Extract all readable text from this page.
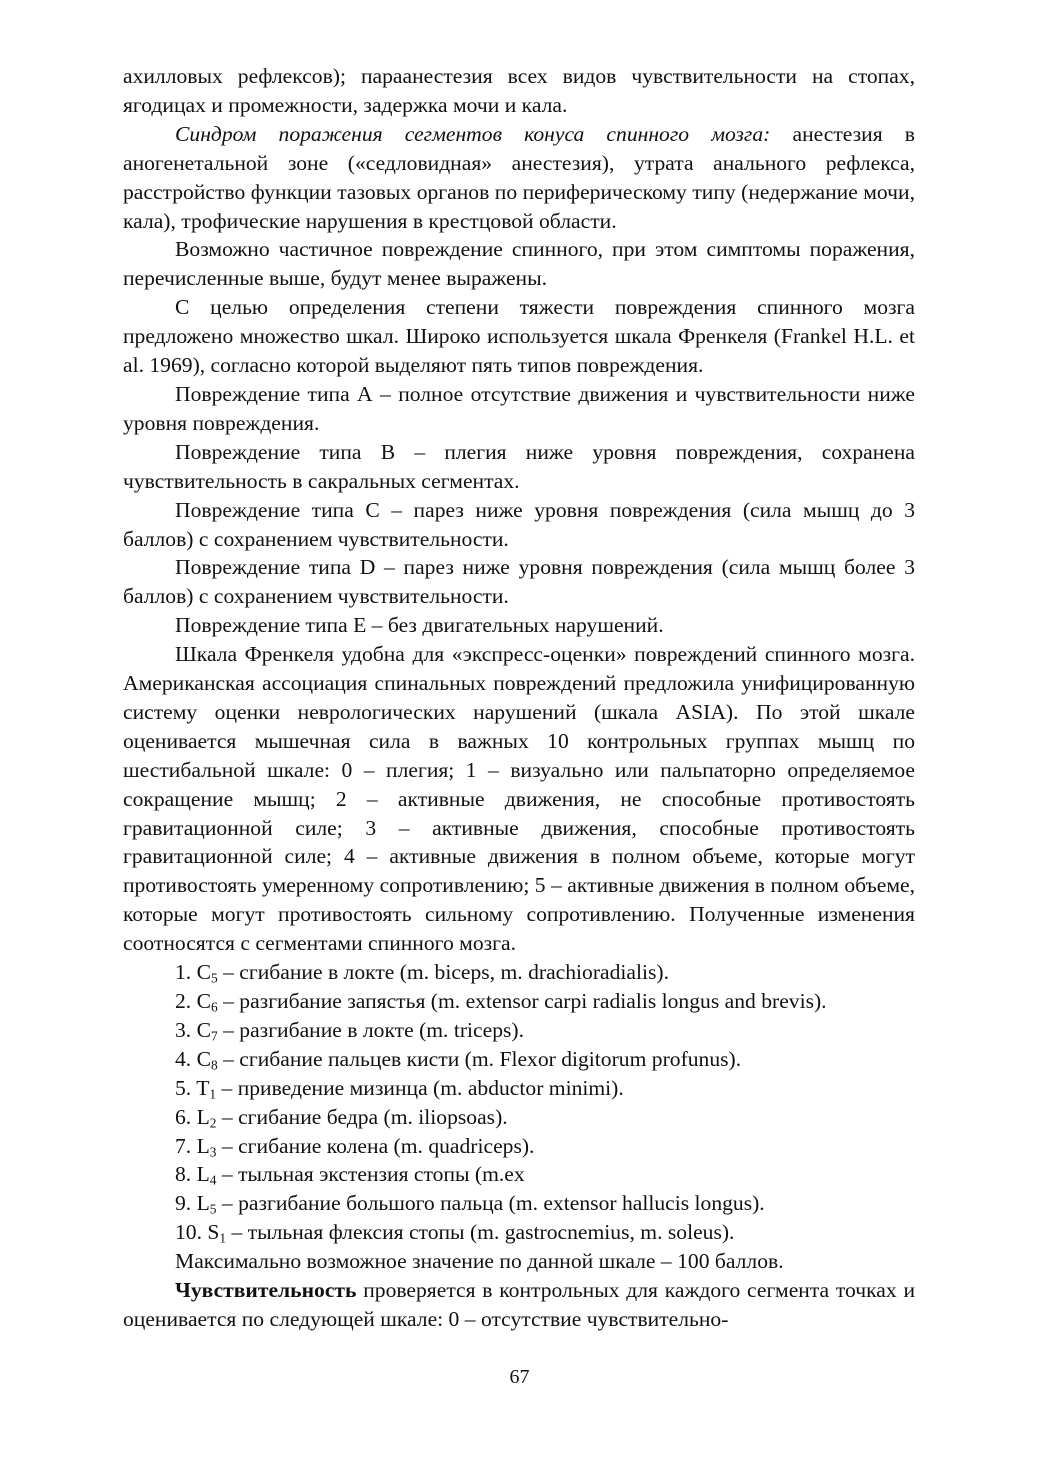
ахилловых рефлексов); парaанестезия всех видов чувствительности на стопах, ягодицах и промежности, задержка мочи и кала.

Синдром поражения сегментов конуса спинного мозга: анестезия в аногенетальной зоне («седловидная» анестезия), утрата анального рефлекса, расстройство функции тазовых органов по периферическому типу (недержание мочи, кала), трофические нарушения в крестцовой области.

Возможно частичное повреждение спинного, при этом симптомы поражения, перечисленные выше, будут менее выражены.

С целью определения степени тяжести повреждения спинного мозга предложено множество шкал. Широко используется шкала Френкеля (Frankel H.L. et al. 1969), согласно которой выделяют пять типов повреждения.

Повреждение типа А – полное отсутствие движения и чувствительности ниже уровня повреждения.

Повреждение типа В – плегия ниже уровня повреждения, сохранена чувствительность в сакральных сегментах.

Повреждение типа С – парез ниже уровня повреждения (сила мышц до 3 баллов) с сохранением чувствительности.

Повреждение типа D – парез ниже уровня повреждения (сила мышц более 3 баллов) с сохранением чувствительности.

Повреждение типа Е – без двигательных нарушений.

Шкала Френкеля удобна для «экспресс-оценки» повреждений спинного мозга. Американская ассоциация спинальных повреждений предложила унифицированную систему оценки неврологических нарушений (шкала ASIA). По этой шкале оценивается мышечная сила в важных 10 контрольных группах мышц по шестибальной шкале: 0 – плегия; 1 – визуально или пальпаторно определяемое сокращение мышц; 2 – активные движения, не способные противостоять гравитационной силе; 3 – активные движения, способные противостоять гравитационной силе; 4 – активные движения в полном объеме, которые могут противостоять умеренному сопротивлению; 5 – активные движения в полном объеме, которые могут противостоять сильному сопротивлению. Полученные изменения соотносятся с сегментами спинного мозга.

1. $C_5$ – сгибание в локте (m. biceps, m. drachioradialis).

2. $C_6$ – разгибание запястья (m. extensor carpi radialis longus and brevis).

3. $C_7$ – разгибание в локте (m. triceps).

4. $C_8$ – сгибание пальцев кисти (m. Flexor digitorum profunus).

5. $T_1$ – приведение мизинца (m. abductor minimi).

6. $L_2$ – сгибание бедра (m. iliopsoas).

7. $L_3$ – сгибание колена (m. quadriceps).

8. $L_4$ – тыльная экстензия стопы (m.ex

9. $L_5$ – разгибание большого пальца (m. extensor hallucis longus).

10. $S_1$ – тыльная флексия стопы (m. gastrocnemius, m. soleus).

Максимально возможное значение по данной шкале – 100 баллов.

Чувствительность проверяется в контрольных для каждого сегмента точках и оценивается по следующей шкале: 0 – отсутствие чувствительно-

67
